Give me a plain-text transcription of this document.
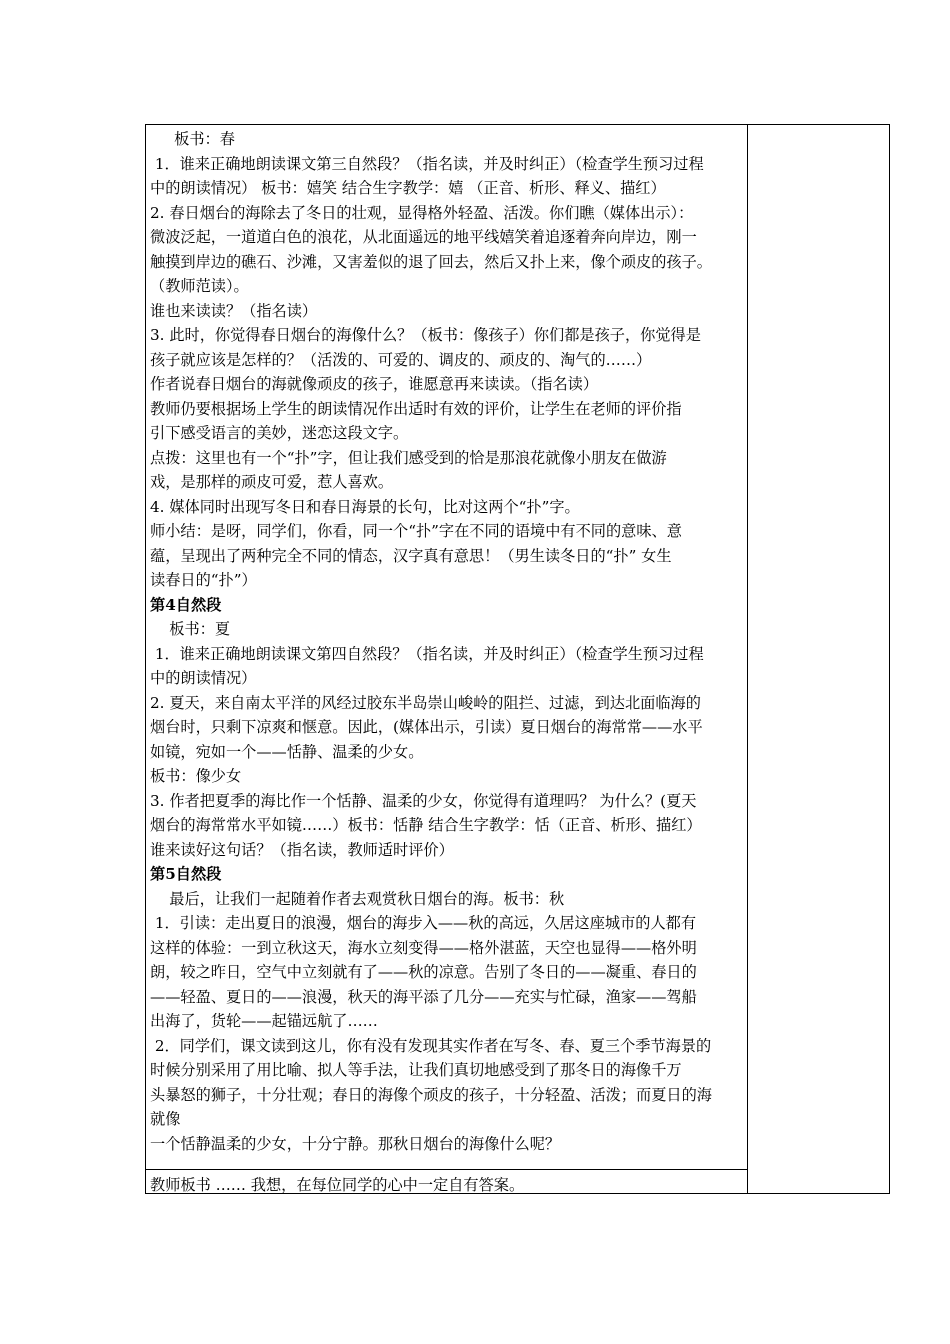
板书：春
1．谁来正确地朗读课文第三自然段？（指名读，并及时纠正）（检查学生预习过程
中的朗读情况） 板书：嬉笑 结合生字教学：嬉 （正音、析形、释义、描红）
2. 春日烟台的海除去了冬日的壮观，显得格外轻盈、活泼。你们瞧（媒体出示）：
微波泛起，一道道白色的浪花，从北面遥远的地平线嬉笑着追逐着奔向岸边，刚一
触摸到岸边的礁石、沙滩，又害羞似的退了回去，然后又扑上来，像个顽皮的孩子。
（教师范读）。
谁也来读读？（指名读）
3. 此时，你觉得春日烟台的海像什么？（板书：像孩子）你们都是孩子，你觉得是
孩子就应该是怎样的？（活泼的、可爱的、调皮的、顽皮的、淘气的……）
作者说春日烟台的海就像顽皮的孩子，谁愿意再来读读。（指名读）
教师仍要根据场上学生的朗读情况作出适时有效的评价，让学生在老师的评价指
引下感受语言的美妙，迷恋这段文字。
点拨：这里也有一个“扑”字，但让我们感受到的恰是那浪花就像小朋友在做游
戏，是那样的顽皮可爱，惹人喜欢。
4. 媒体同时出现写冬日和春日海景的长句，比对这两个“扑”字。
师小结：是呀，同学们，你看，同一个“扑”字在不同的语境中有不同的意味、意
蕴，呈现出了两种完全不同的情态，汉字真有意思！（男生读冬日的“扑” 女生
读春日的“扑”）
第4自然段
板书：夏
1．谁来正确地朗读课文第四自然段？（指名读，并及时纠正）（检查学生预习过程
中的朗读情况）
2. 夏天，来自南太平洋的风经过胶东半岛崇山峻岭的阻拦、过滤，到达北面临海的
烟台时，只剩下凉爽和惬意。因此，(媒体出示，引读）夏日烟台的海常常——水平
如镜，宛如一个——恬静、温柔的少女。
板书：像少女
3. 作者把夏季的海比作一个恬静、温柔的少女，你觉得有道理吗？ 为什么？(夏天
烟台的海常常水平如镜……）板书：恬静 结合生字教学：恬（正音、析形、描红）
谁来读好这句话？（指名读，教师适时评价）
第5自然段
最后，让我们一起随着作者去观赏秋日烟台的海。板书：秋
1．引读：走出夏日的浪漫，烟台的海步入——秋的高远，久居这座城市的人都有
这样的体验：一到立秋这天，海水立刻变得——格外湛蓝，天空也显得——格外明
朗，较之昨日，空气中立刻就有了——秋的凉意。告别了冬日的——凝重、春日的
——轻盈、夏日的——浪漫，秋天的海平添了几分——充实与忙碌，渔家——驾船
出海了，货轮——起锚远航了……
2．同学们，课文读到这儿，你有没有发现其实作者在写冬、春、夏三个季节海景的
时候分别采用了用比喻、拟人等手法，让我们真切地感受到了那冬日的海像千万
头暴怒的狮子，十分壮观；春日的海像个顽皮的孩子，十分轻盈、活泼；而夏日的海
就像
一个恬静温柔的少女，十分宁静。那秋日烟台的海像什么呢？
教师板书 …… 我想，在每位同学的心中一定自有答案。
